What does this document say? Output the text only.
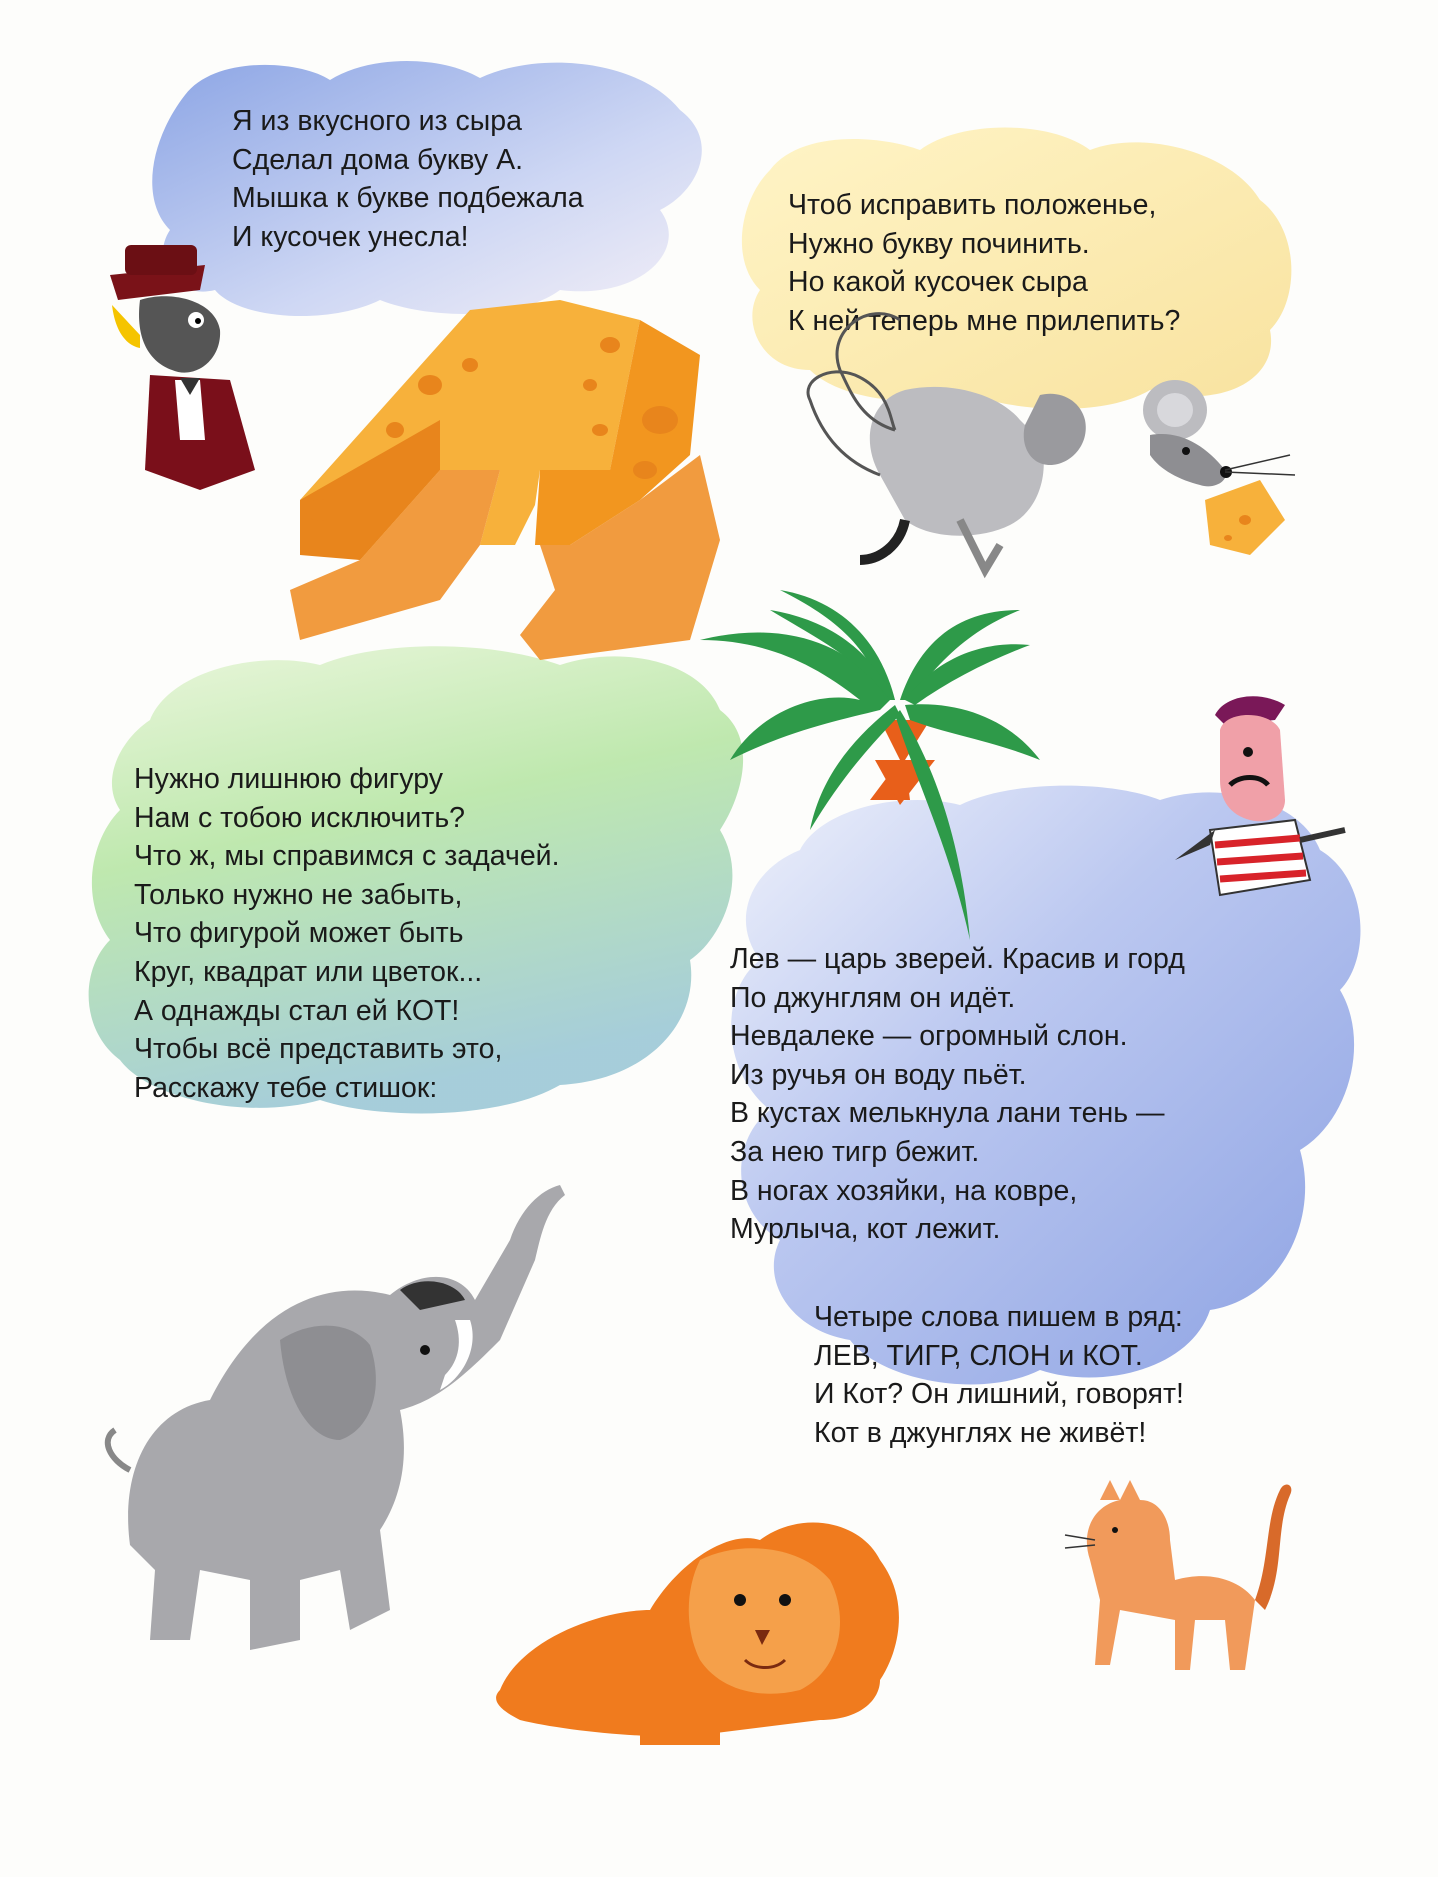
Я из вкусного из сыра
Сделал дома букву А.
Мышка к букве подбежала
И кусочек унесла!
Чтоб исправить положенье,
Нужно букву починить.
Но какой кусочек сыра
К ней теперь мне прилепить?
Нужно лишнюю фигуру
Нам с тобою исключить?
Что ж, мы справимся с задачей.
Только нужно не забыть,
Что фигурой может быть
Круг, квадрат или цветок...
А однажды стал ей КОТ!
Чтобы всё представить это,
Расскажу тебе стишок:
Лев — царь зверей. Красив и горд
По джунглям он идёт.
Невдалеке — огромный слон.
Из ручья он воду пьёт.
В кустах мелькнула лани тень —
За нею тигр бежит.
В ногах хозяйки, на ковре,
Мурлыча, кот лежит.
Четыре слова пишем в ряд:
ЛЕВ, ТИГР, СЛОН и КОТ.
И Кот? Он лишний, говорят!
Кот в джунглях не живёт!
